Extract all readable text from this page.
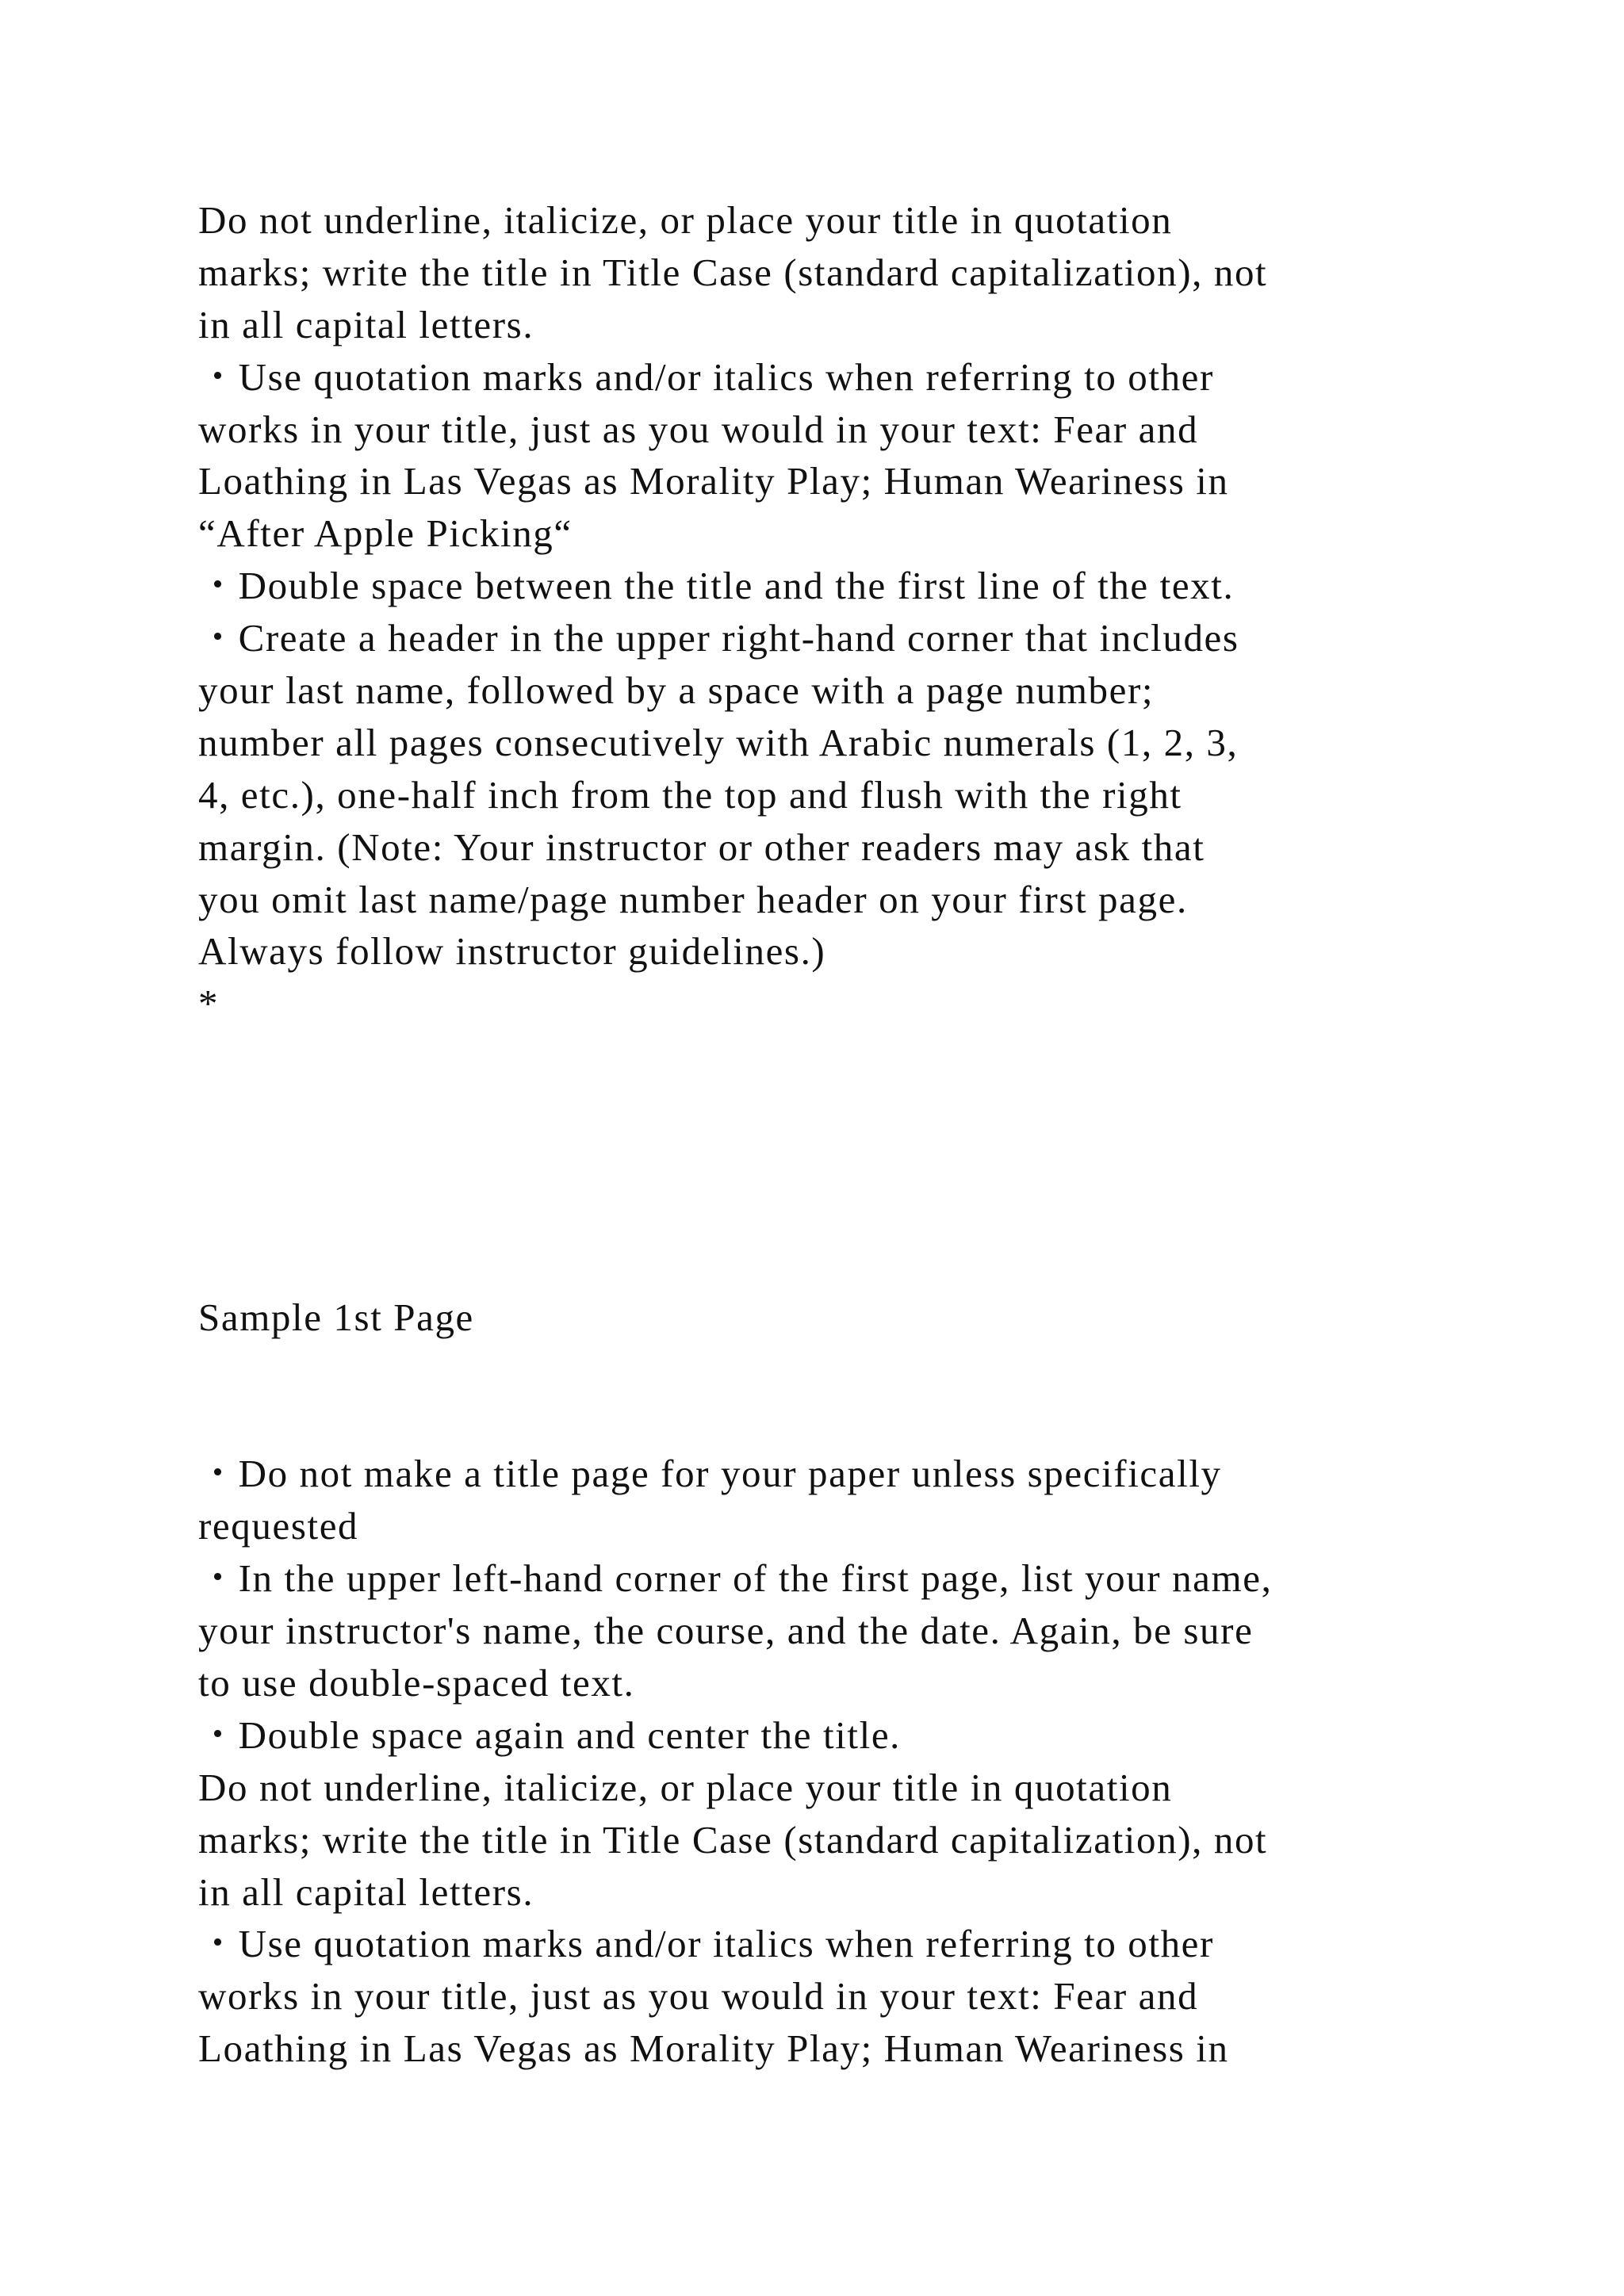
Do not underline, italicize, or place your title in quotation
marks; write the title in Title Case (standard capitalization), not
in all capital letters.
・Use quotation marks and/or italics when referring to other
works in your title, just as you would in your text: Fear and
Loathing in Las Vegas as Morality Play; Human Weariness in
“After Apple Picking“
・Double space between the title and the first line of the text.
・Create a header in the upper right-hand corner that includes
your last name, followed by a space with a page number;
number all pages consecutively with Arabic numerals (1, 2, 3,
4, etc.), one-half inch from the top and flush with the right
margin. (Note: Your instructor or other readers may ask that
you omit last name/page number header on your first page.
Always follow instructor guidelines.)
*
Sample 1st Page
・Do not make a title page for your paper unless specifically
requested
・In the upper left-hand corner of the first page, list your name,
your instructor's name, the course, and the date. Again, be sure
to use double-spaced text.
・Double space again and center the title.
Do not underline, italicize, or place your title in quotation
marks; write the title in Title Case (standard capitalization), not
in all capital letters.
・Use quotation marks and/or italics when referring to other
works in your title, just as you would in your text: Fear and
Loathing in Las Vegas as Morality Play; Human Weariness in
